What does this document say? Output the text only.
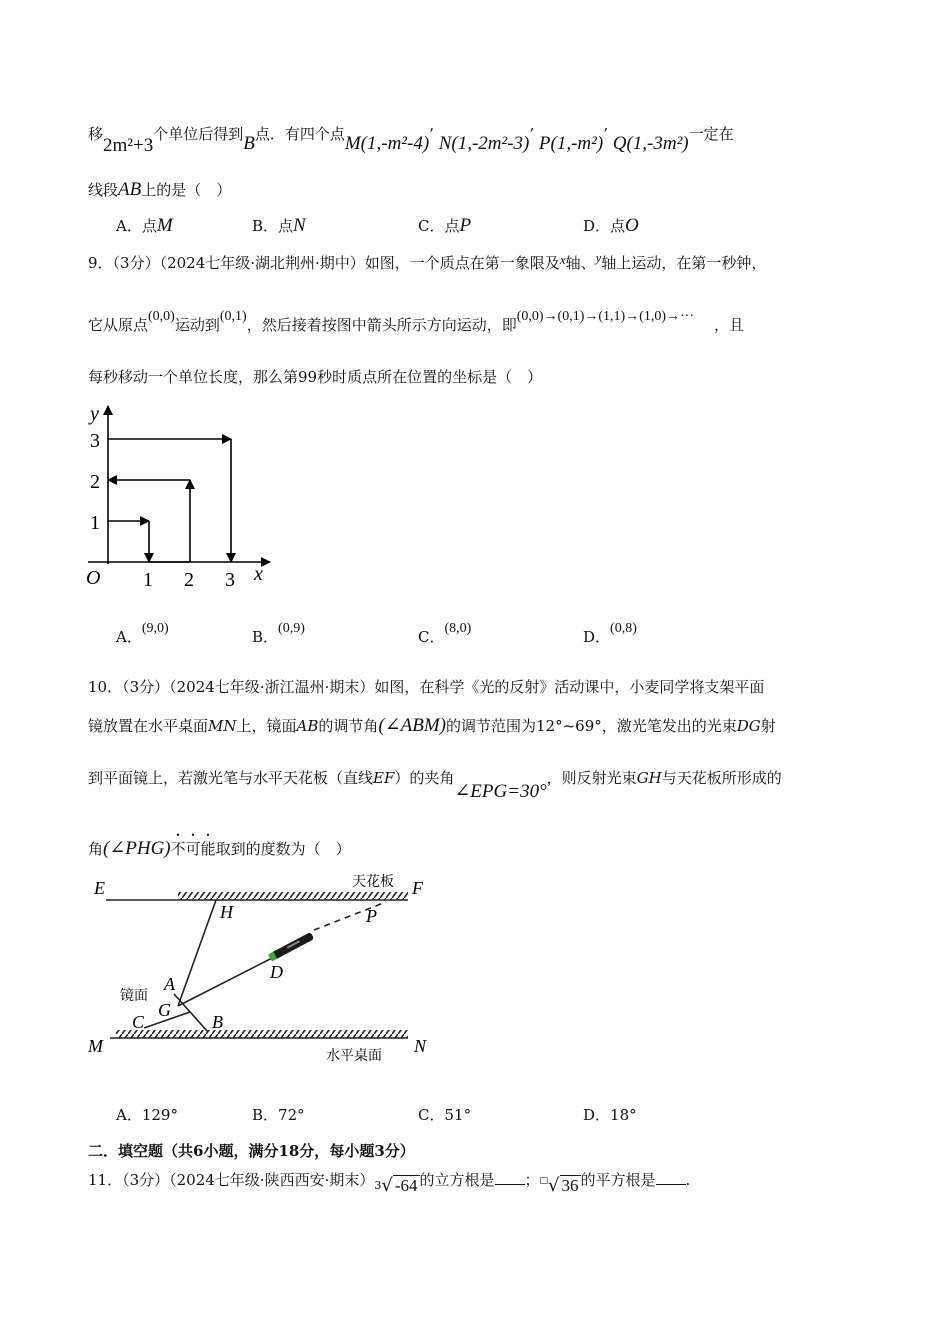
移2m²+3个单位后得到B点．有四个点M(1,-m²-4)’ N(1,-2m²-3)’ P(1,-m²)’ Q(1,-3m²)一定在
线段AB上的是（　）
A．点M	B．点N	C．点P	D．点O
9．（3分）（2024七年级·湖北荆州·期中）如图，一个质点在第一象限及x轴、y轴上运动，在第一秒钟，
它从原点(0,0)运动到(0,1)，然后接着按图中箭头所示方向运动，即(0,0)→(0,1)→(1,1)→(1,0)→··· ，且
每秒移动一个单位长度，那么第99秒时质点所在位置的坐标是（　）
y
x
O 1 2 3
1
2
3
A．(9,0)	B．(0,9)	C．(8,0)	D．(0,8)
10．（3分）（2024七年级·浙江温州·期末）如图，在科学《光的反射》活动课中，小麦同学将支架平面
镜放置在水平桌面MN上，镜面AB的调节角(∠ABM)的调节范围为12°~69°，激光笔发出的光束DG射
到平面镜上，若激光笔与水平天花板（直线EF）的夹角∠EPG=30°，则反射光束GH与天花板所形成的
角(∠PHG)不可能取到的度数为（　）
E	F
天花板
H	P
D
A
镜面
G
C	B
M	N
水平桌面
A．129°	B．72°	C．51°	D．18°
二．填空题（共6小题，满分18分，每小题3分）
11．（3分）（2024七年级·陕西西安·期末）3√ -64 的立方根是 ；□√ 36 的平方根是 .
